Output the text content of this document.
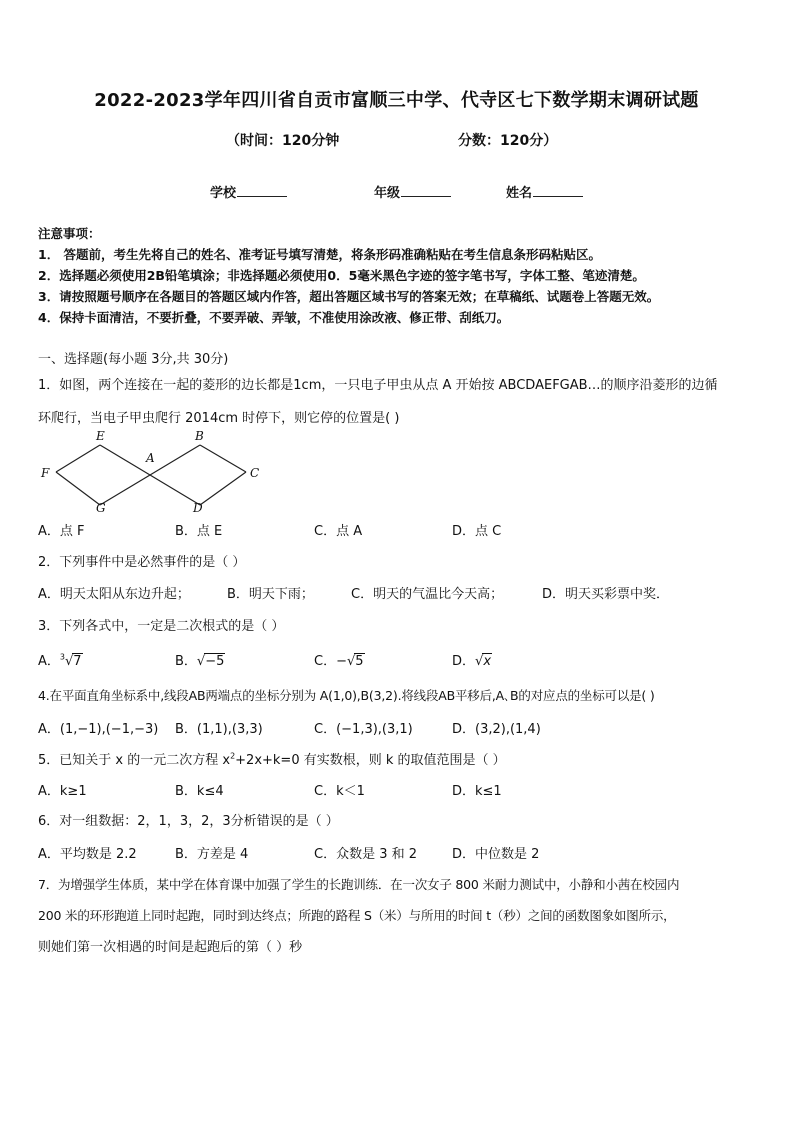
2022-2023学年四川省自贡市富顺三中学、代寺区七下数学期末调研试题
（时间：120分钟	分数：120分）
学校	年级	姓名
注意事项：
1． 答题前，考生先将自己的姓名、准考证号填写清楚，将条形码准确粘贴在考生信息条形码粘贴区。
2．选择题必须使用2B铅笔填涂；非选择题必须使用0．5毫米黑色字迹的签字笔书写，字体工整、笔迹清楚。
3．请按照题号顺序在各题目的答题区域内作答，超出答题区域书写的答案无效；在草稿纸、试题卷上答题无效。
4．保持卡面清洁，不要折叠，不要弄破、弄皱，不准使用涂改液、修正带、刮纸刀。
一、选择题(每小题 3分,共 30分)
1．如图，两个连接在一起的菱形的边长都是1cm，一只电子甲虫从点 A 开始按 ABCDAEFGAB…的顺序沿菱形的边循
环爬行，当电子甲虫爬行 2014cm 时停下，则它停的位置是( )
E	B
A
F	C
G	D
A．点 F	B．点 E	C．点 A	D．点 C
2．下列事件中是必然事件的是（ ）
A．明天太阳从东边升起；	B．明天下雨；	C．明天的气温比今天高；	D．明天买彩票中奖．
3．下列各式中，一定是二次根式的是（ ）
A．$^3$√7	B．√−5	C．−√5	D．√x
4.在平面直角坐标系中,线段AB两端点的坐标分别为 A(1,0),B(3,2).将线段AB平移后,A､B的对应点的坐标可以是( )
A．(1,−1),(−1,−3) B．(1,1),(3,3)	C．(−1,3),(3,1)	D．(3,2),(1,4)
5．已知关于 x 的一元二次方程 $x^2+2x+k=0$ 有实数根，则 k 的取值范围是（ ）
A．k≥1	B．k≤4	C．k＜1	D．k≤1
6．对一组数据：2，1，3，2，3分析错误的是（ ）
A．平均数是 2.2	B．方差是 4	C．众数是 3 和 2	D．中位数是 2
7．为增强学生体质，某中学在体育课中加强了学生的长跑训练．在一次女子 800 米耐力测试中，小静和小茜在校园内
200 米的环形跑道上同时起跑，同时到达终点；所跑的路程 S（米）与所用的时间 t（秒）之间的函数图象如图所示，
则她们第一次相遇的时间是起跑后的第（ ）秒
